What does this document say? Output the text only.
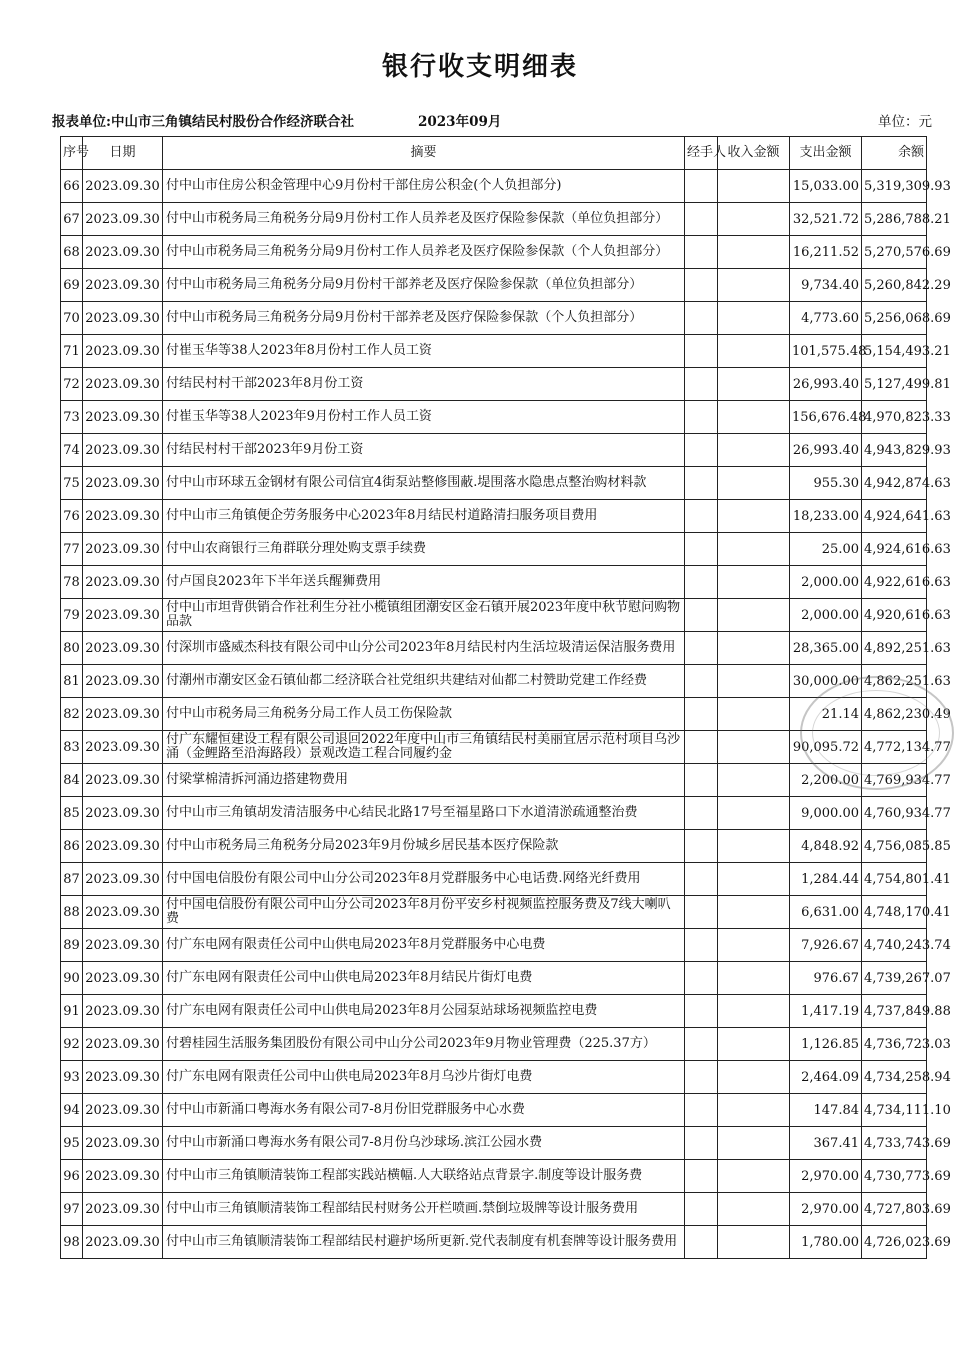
银行收支明细表
报表单位:中山市三角镇结民村股份合作经济联合社	2023年09月	单位：元
序号	日期	摘要	经手人	收入金额	支出金额	余额
66	2023.09.30	付中山市住房公积金管理中心9月份村干部住房公积金(个人负担部分)			15,033.00	5,319,309.93
67	2023.09.30	付中山市税务局三角税务分局9月份村工作人员养老及医疗保险参保款（单位负担部分）			32,521.72	5,286,788.21
68	2023.09.30	付中山市税务局三角税务分局9月份村工作人员养老及医疗保险参保款（个人负担部分）			16,211.52	5,270,576.69
69	2023.09.30	付中山市税务局三角税务分局9月份村干部养老及医疗保险参保款（单位负担部分）			9,734.40	5,260,842.29
70	2023.09.30	付中山市税务局三角税务分局9月份村干部养老及医疗保险参保款（个人负担部分）			4,773.60	5,256,068.69
71	2023.09.30	付崔玉华等38人2023年8月份村工作人员工资			101,575.48	5,154,493.21
72	2023.09.30	付结民村村干部2023年8月份工资			26,993.40	5,127,499.81
73	2023.09.30	付崔玉华等38人2023年9月份村工作人员工资			156,676.48	4,970,823.33
74	2023.09.30	付结民村村干部2023年9月份工资			26,993.40	4,943,829.93
75	2023.09.30	付中山市环球五金钢材有限公司信宜4街泵站整修围蔽.堤围落水隐患点整治购材料款			955.30	4,942,874.63
76	2023.09.30	付中山市三角镇便企劳务服务中心2023年8月结民村道路清扫服务项目费用			18,233.00	4,924,641.63
77	2023.09.30	付中山农商银行三角群联分理处购支票手续费			25.00	4,924,616.63
78	2023.09.30	付卢国良2023年下半年送兵醒狮费用			2,000.00	4,922,616.63
79	2023.09.30	付中山市坦背供销合作社利生分社小榄镇组团潮安区金石镇开展2023年度中秋节慰问购物品款			2,000.00	4,920,616.63
80	2023.09.30	付深圳市盛威杰科技有限公司中山分公司2023年8月结民村内生活垃圾清运保洁服务费用			28,365.00	4,892,251.63
81	2023.09.30	付潮州市潮安区金石镇仙都二经济联合社党组织共建结对仙都二村赞助党建工作经费			30,000.00	4,862,251.63
82	2023.09.30	付中山市税务局三角税务分局工作人员工伤保险款			21.14	4,862,230.49
83	2023.09.30	付广东耀恒建设工程有限公司退回2022年度中山市三角镇结民村美丽宜居示范村项目乌沙涌（金鲤路至沿海路段）景观改造工程合同履约金			90,095.72	4,772,134.77
84	2023.09.30	付梁掌棉清拆河涌边搭建物费用			2,200.00	4,769,934.77
85	2023.09.30	付中山市三角镇胡发清洁服务中心结民北路17号至福星路口下水道清淤疏通整治费			9,000.00	4,760,934.77
86	2023.09.30	付中山市税务局三角税务分局2023年9月份城乡居民基本医疗保险款			4,848.92	4,756,085.85
87	2023.09.30	付中国电信股份有限公司中山分公司2023年8月党群服务中心电话费.网络光纤费用			1,284.44	4,754,801.41
88	2023.09.30	付中国电信股份有限公司中山分公司2023年8月份平安乡村视频监控服务费及7线大喇叭费			6,631.00	4,748,170.41
89	2023.09.30	付广东电网有限责任公司中山供电局2023年8月党群服务中心电费			7,926.67	4,740,243.74
90	2023.09.30	付广东电网有限责任公司中山供电局2023年8月结民片街灯电费			976.67	4,739,267.07
91	2023.09.30	付广东电网有限责任公司中山供电局2023年8月公园泵站球场视频监控电费			1,417.19	4,737,849.88
92	2023.09.30	付碧桂园生活服务集团股份有限公司中山分公司2023年9月物业管理费（225.37方）			1,126.85	4,736,723.03
93	2023.09.30	付广东电网有限责任公司中山供电局2023年8月乌沙片街灯电费			2,464.09	4,734,258.94
94	2023.09.30	付中山市新涌口粤海水务有限公司7-8月份旧党群服务中心水费			147.84	4,734,111.10
95	2023.09.30	付中山市新涌口粤海水务有限公司7-8月份乌沙球场.滨江公园水费			367.41	4,733,743.69
96	2023.09.30	付中山市三角镇顺清装饰工程部实践站横幅.人大联络站点背景字.制度等设计服务费			2,970.00	4,730,773.69
97	2023.09.30	付中山市三角镇顺清装饰工程部结民村财务公开栏喷画.禁倒垃圾牌等设计服务费用			2,970.00	4,727,803.69
98	2023.09.30	付中山市三角镇顺清装饰工程部结民村避护场所更新.党代表制度有机套牌等设计服务费用			1,780.00	4,726,023.69
